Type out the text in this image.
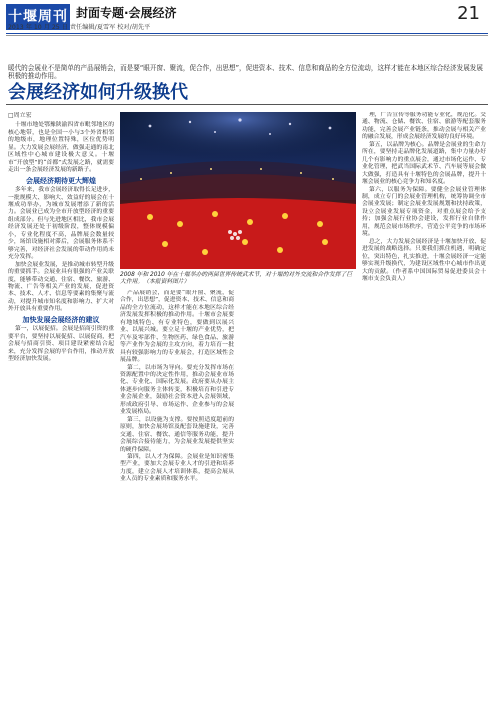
十堰周刊 封面专题·会展经济
2013 年 10 月 25 日 责任编辑/夏雪军 校对/胡先平
21
暖代的会展业不是简单的产品展销会，而是要“眼开窗、聚流，促合作，出思想”，促进资本、技术、信息和商品的全方位流动，这样才能在本地区综合经济发展发展积极的推动作用。
会展经济如何升级换代
□周立宏

十堰市地处鄂豫陕渝四省市毗邻地区的核心地带，也是全国一小与3个外省相邻的地级市，地理位置特殊，区位优势明显。大力发展会展经济，做强走通的南北区域性中心城市建设极大意义。十堰市“开放型”的“首都”式发展之路，就需要走出一条会展经济发展的新路子。

会展经济期待更大辉煌

多年来，我市会展经济取得长足进步，一批规模大、影响大、效益好的展会在十堰成功举办，为城市发展增添了新的活力。会展业已成为全市开放型经济的重要组成部分。但与先进地区相比，我市会展经济发展还处于初级阶段，整体规模偏小，专业化程度不高，品牌展会数量较少，场馆设施相对滞后，会展服务体系不够完善，对经济社会发展的带动作用尚未充分发挥。

加快会展业发展，是推动城市转型升级的重要抓手。会展业具有很强的产业关联度，能够带动交通、住宿、餐饮、旅游、物流、广告等相关产业的发展，促进资本、技术、人才、信息等要素的集聚与流动，对提升城市知名度和影响力、扩大对外开放具有重要作用。

加快发展会展经济的建议

第一，以展促招。会展是招商引资的重要平台，要坚持以展促招、以展促商，把会展与招商引资、项目建设紧密结合起来，充分发挥会展的平台作用，推动开放型经济加快发展。

2008 年和 2010 年在十堰举办的两届世界传统武术节，对十堰的对外交流和合作发挥了巨大作用。（本报资料图片）

产品展销会，而是要“眼开窗、聚流，促合作，出思想”，促进资本、技术、信息和商品的全方位流动，这样才能在本地区综合经济发展发挥积极的推动作用。十堰市会展要有地域特色、有专业特色，要做到以展兴业、以展兴城。要立足十堰的产业优势，把汽车及零部件、生物医药、绿色食品、旅游等产业作为会展的主攻方向，着力培育一批具有较强影响力的专业展会，打造区域性会展品牌。

第二，以市场为导向。要充分发挥市场在资源配置中的决定性作用，推动会展业市场化、专业化、国际化发展。政府要从办展主体逐步向服务主体转变，积极培育和引进专业会展企业，鼓励社会资本进入会展领域，形成政府引导、市场运作、企业参与的会展业发展格局。

第三，以设施为支撑。要按照适度超前的原则，加快会展场馆及配套设施建设，完善交通、住宿、餐饮、通信等服务功能，提升会展综合接待能力，为会展业发展提供坚实的硬件保障。

第四，以人才为保障。会展业是知识密集型产业，要加大会展专业人才的引进和培养力度，建立会展人才培训体系，提高会展从业人员的专业素质和服务水平。

理，广告宣传等服务功能专业化，规范化。交通、物流、仓储、餐饮、住宿、旅游等配套服务功能，完善会展产业链条，推动会展与相关产业的融合发展，形成会展经济发展的良好环境。

第五，以品牌为核心。品牌是会展业的生命力所在，要坚持走品牌化发展道路，集中力量办好几个有影响力的重点展会，通过市场化运作、专业化管理，把武当国际武术节、汽车展等展会做大做强，打造具有十堰特色的会展品牌，提升十堰会展业的核心竞争力和知名度。

第六，以服务为保障。要健全会展业管理体制，成立专门的会展业管理机构，统筹协调全市会展业发展；制定会展业发展规划和扶持政策，设立会展业发展专项资金，对重点展会给予支持；加强会展行业协会建设，发挥行业自律作用，规范会展市场秩序，营造公平竞争的市场环境。

总之，大力发展会展经济是十堰加快开放、促进发展的战略选择。只要我们抓住机遇，明确定位，突出特色，扎实推进，十堰会展经济一定能够实现升级换代，为建设区域性中心城市作出更大的贡献。（作者系中国国际贸易促进委员会十堰市支会负责人）
